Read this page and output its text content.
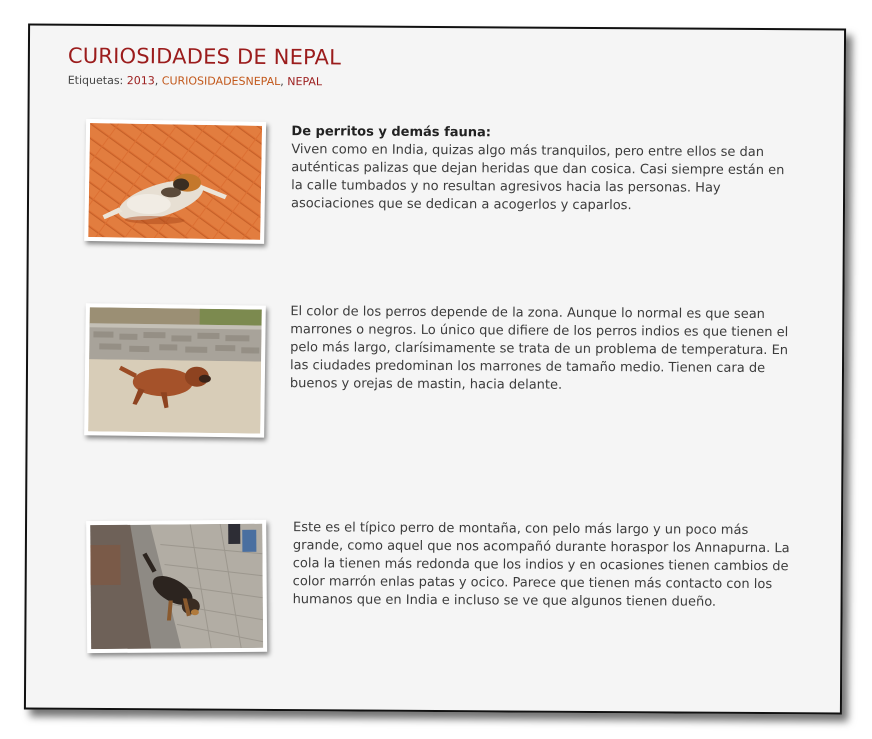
CURIOSIDADES DE NEPAL
Etiquetas: 2013, CURIOSIDADESNEPAL, NEPAL
De perritos y demás fauna:
Viven como en India, quizas algo más tranquilos, pero entre ellos se dan auténticas palizas que dejan heridas que dan cosica. Casi siempre están en la calle tumbados y no resultan agresivos hacia las personas. Hay asociaciones que se dedican a acogerlos y caparlos.
El color de los perros depende de la zona. Aunque lo normal es que sean marrones o negros. Lo único que difiere de los perros indios es que tienen el pelo más largo, clarísimamente se trata de un problema de temperatura. En las ciudades predominan los marrones de tamaño medio. Tienen cara de buenos y orejas de mastin, hacia delante.
Este es el típico perro de montaña, con pelo más largo y un poco más grande, como aquel que nos acompañó durante horaspor los Annapurna. La cola la tienen más redonda que los indios y en ocasiones tienen cambios de color marrón enlas patas y ocico. Parece que tienen más contacto con los humanos que en India e incluso se ve que algunos tienen dueño.
